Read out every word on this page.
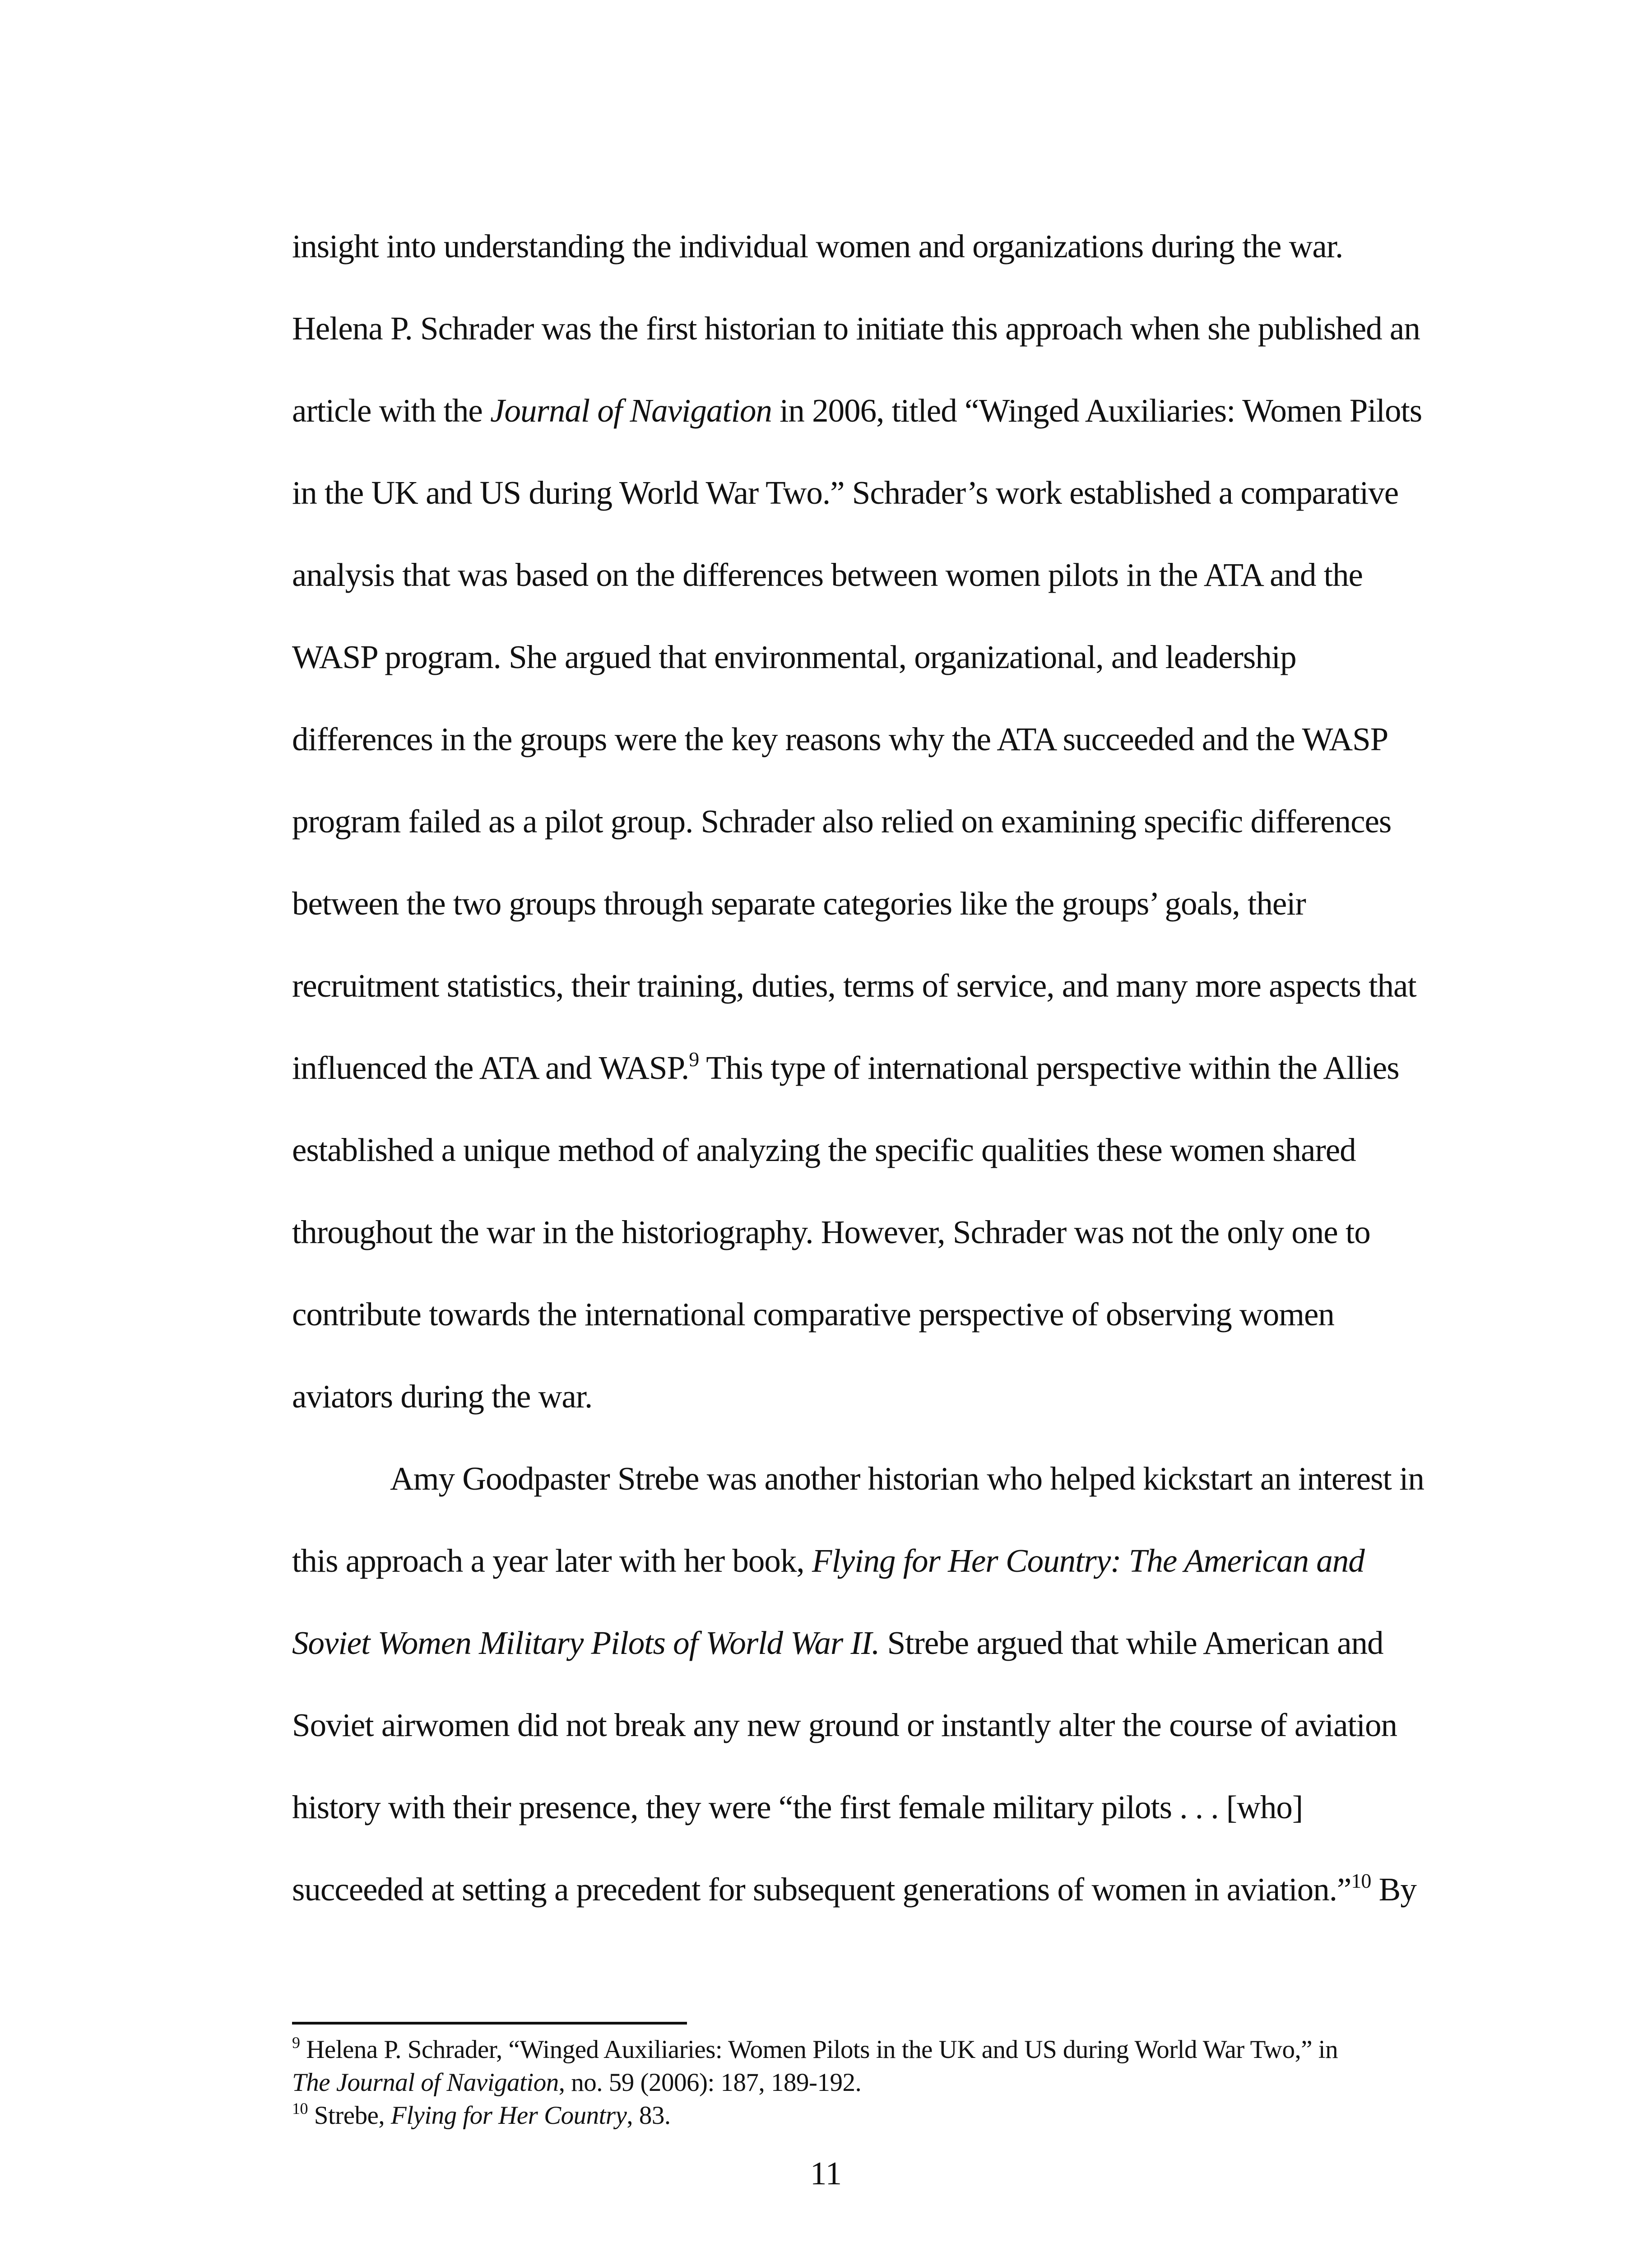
insight into understanding the individual women and organizations during the war.
Helena P. Schrader was the first historian to initiate this approach when she published an
article with the Journal of Navigation in 2006, titled “Winged Auxiliaries: Women Pilots
in the UK and US during World War Two.” Schrader’s work established a comparative
analysis that was based on the differences between women pilots in the ATA and the
WASP program. She argued that environmental, organizational, and leadership
differences in the groups were the key reasons why the ATA succeeded and the WASP
program failed as a pilot group. Schrader also relied on examining specific differences
between the two groups through separate categories like the groups’ goals, their
recruitment statistics, their training, duties, terms of service, and many more aspects that
influenced the ATA and WASP.$^9$ This type of international perspective within the Allies
established a unique method of analyzing the specific qualities these women shared
throughout the war in the historiography. However, Schrader was not the only one to
contribute towards the international comparative perspective of observing women
aviators during the war.

Amy Goodpaster Strebe was another historian who helped kickstart an interest in
this approach a year later with her book, Flying for Her Country: The American and
Soviet Women Military Pilots of World War II. Strebe argued that while American and
Soviet airwomen did not break any new ground or instantly alter the course of aviation
history with their presence, they were “the first female military pilots . . . [who]
succeeded at setting a precedent for subsequent generations of women in aviation.”$^{10}$ By

$^9$ Helena P. Schrader, “Winged Auxiliaries: Women Pilots in the UK and US during World War Two,” in
The Journal of Navigation, no. 59 (2006): 187, 189-192.
$^{10}$ Strebe, Flying for Her Country, 83.
11
